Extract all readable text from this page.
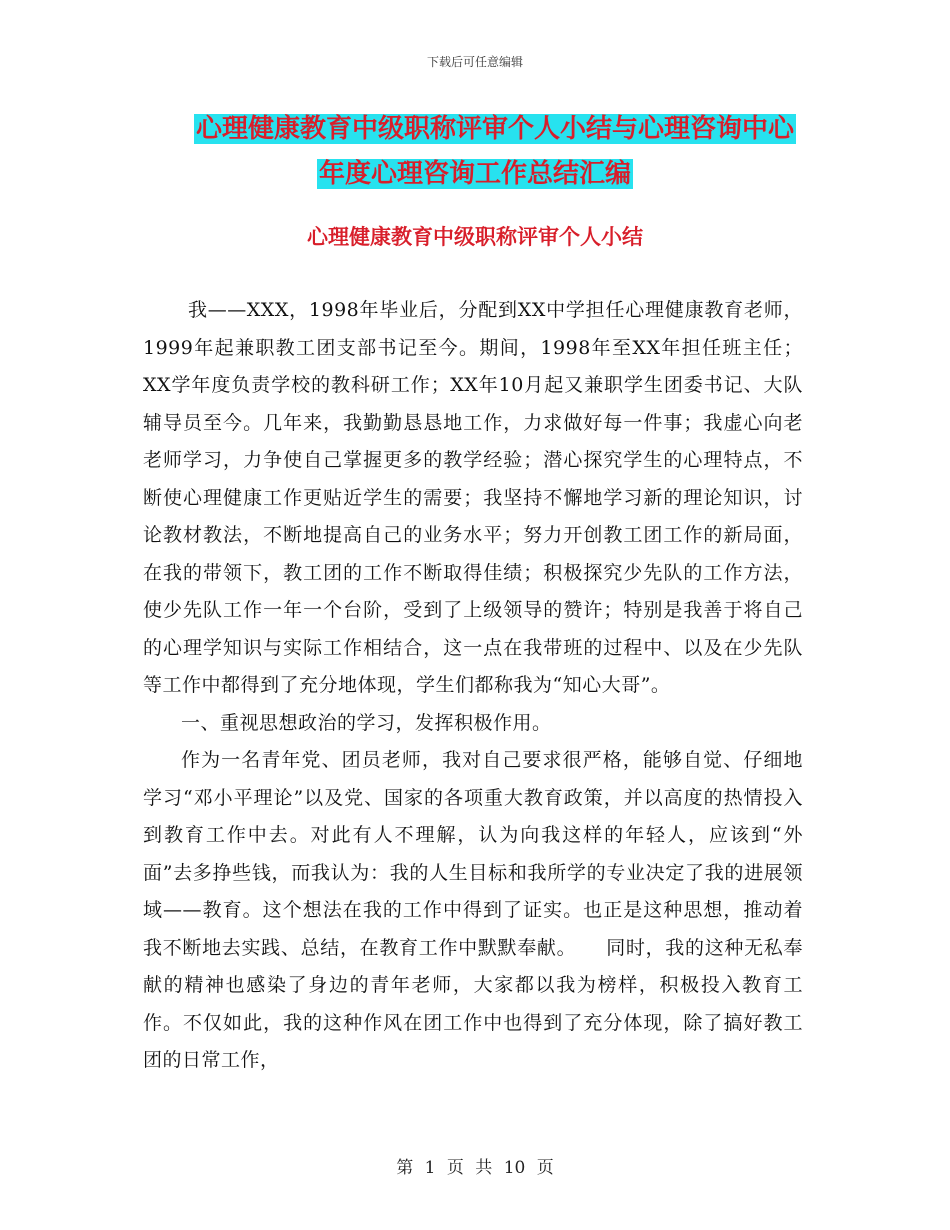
下载后可任意编辑
心理健康教育中级职称评审个人小结与心理咨询中心
年度心理咨询工作总结汇编
心理健康教育中级职称评审个人小结

我——XXX，1998年毕业后，分配到XX中学担任心理健康教育老师，1999年起兼职教工团支部书记至今。期间，1998年至XX年担任班主任；XX学年度负责学校的教科研工作；XX年10月起又兼职学生团委书记、大队辅导员至今。几年来，我勤勤恳恳地工作，力求做好每一件事；我虚心向老老师学习，力争使自己掌握更多的教学经验；潜心探究学生的心理特点，不断使心理健康工作更贴近学生的需要；我坚持不懈地学习新的理论知识，讨论教材教法，不断地提高自己的业务水平；努力开创教工团工作的新局面，在我的带领下，教工团的工作不断取得佳绩；积极探究少先队的工作方法，使少先队工作一年一个台阶，受到了上级领导的赞许；特别是我善于将自己的心理学知识与实际工作相结合，这一点在我带班的过程中、以及在少先队等工作中都得到了充分地体现，学生们都称我为“知心大哥”。

一、重视思想政治的学习，发挥积极作用。

作为一名青年党、团员老师，我对自己要求很严格，能够自觉、仔细地学习“邓小平理论”以及党、国家的各项重大教育政策，并以高度的热情投入到教育工作中去。对此有人不理解，认为向我这样的年轻人，应该到“外面”去多挣些钱，而我认为：我的人生目标和我所学的专业决定了我的进展领域——教育。这个想法在我的工作中得到了证实。也正是这种思想，推动着我不断地去实践、总结，在教育工作中默默奉献。　　同时，我的这种无私奉献的精神也感染了身边的青年老师，大家都以我为榜样，积极投入教育工作。不仅如此，我的这种作风在团工作中也得到了充分体现，除了搞好教工团的日常工作，

第 1 页 共 10 页
